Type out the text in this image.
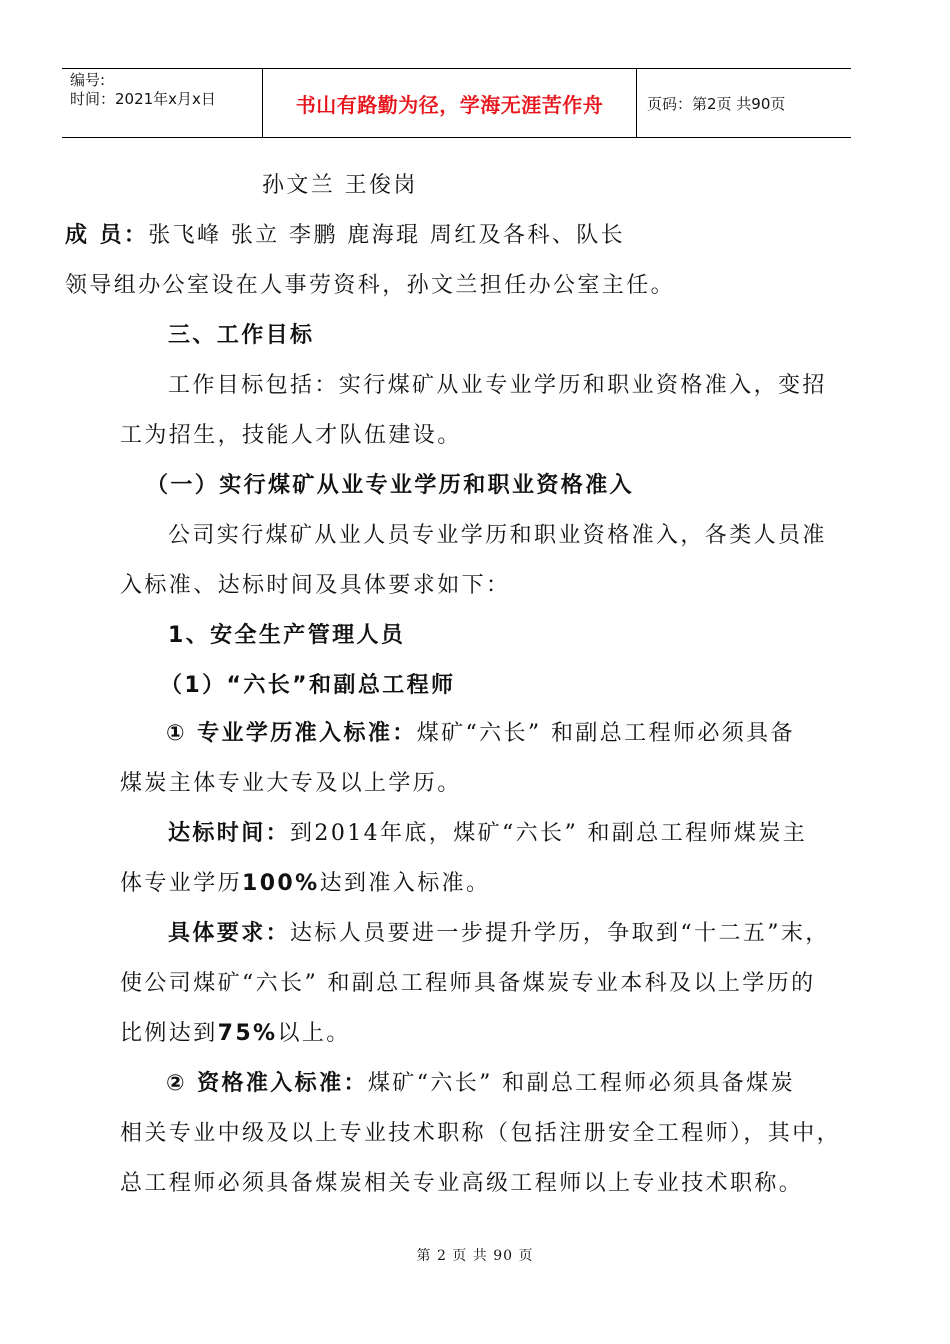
编号:
时间：2021年x月x日	书山有路勤为径，学海无涯苦作舟	页码：第2页 共90页
孙文兰 王俊岗
成 员：张飞峰 张立 李鹏 鹿海琨 周红及各科、队长
领导组办公室设在人事劳资科，孙文兰担任办公室主任。
三、工作目标
工作目标包括：实行煤矿从业专业学历和职业资格准入，变招
工为招生，技能人才队伍建设。
（一）实行煤矿从业专业学历和职业资格准入
公司实行煤矿从业人员专业学历和职业资格准入，各类人员准
入标准、达标时间及具体要求如下：
1、安全生产管理人员
（1）“六长”和副总工程师
① 专业学历准入标准：煤矿“六长” 和副总工程师必须具备
煤炭主体专业大专及以上学历。
达标时间：到2014年底，煤矿“六长” 和副总工程师煤炭主
体专业学历100%达到准入标准。
具体要求：达标人员要进一步提升学历，争取到“十二五”末，
使公司煤矿“六长” 和副总工程师具备煤炭专业本科及以上学历的
比例达到75%以上。
② 资格准入标准：煤矿“六长” 和副总工程师必须具备煤炭
相关专业中级及以上专业技术职称（包括注册安全工程师），其中，
总工程师必须具备煤炭相关专业高级工程师以上专业技术职称。
第 2 页 共 90 页
